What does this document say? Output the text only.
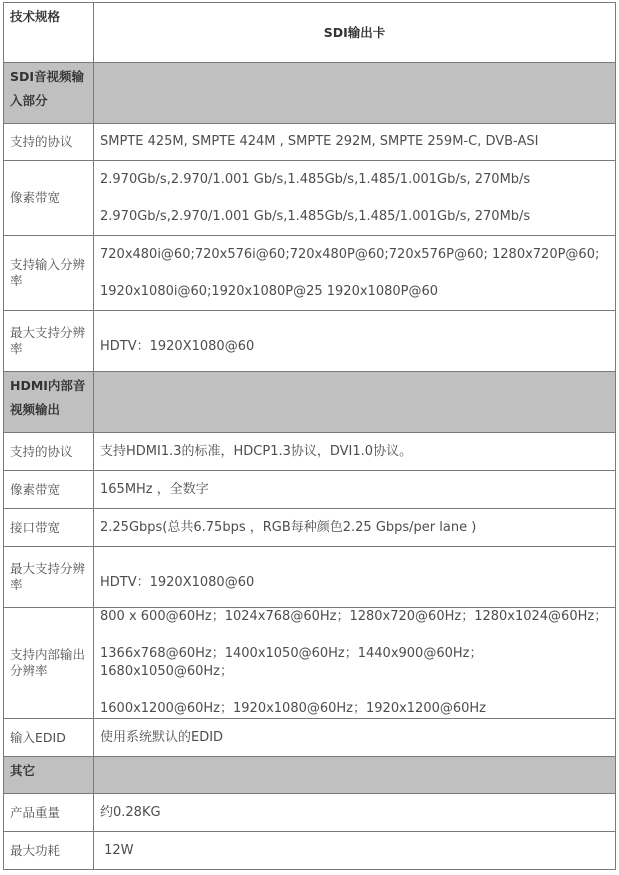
技术规格	SDI输出卡
SDI音视频输入部分	
支持的协议	SMPTE 425M, SMPTE 424M , SMPTE 292M, SMPTE 259M-C, DVB-ASI

像素带宽	2.970Gb/s,2.970/1.001 Gb/s,1.485Gb/s,1.485/1.001Gb/s, 270Mb/s
2.970Gb/s,2.970/1.001 Gb/s,1.485Gb/s,1.485/1.001Gb/s, 270Mb/s

支持输入分辨率	720x480i@60;720x576i@60;720x480P@60;720x576P@60; 1280x720P@60;
1920x1080i@60;1920x1080P@25 1920x1080P@60

最大支持分辨率	HDTV：1920X1080@60

HDMI内部音视频输出	
支持的协议	支持HDMI1.3的标准，HDCP1.3协议，DVI1.0协议。

像素带宽	165MHz ，全数字

接口带宽	2.25Gbps(总共6.75bps ，RGB每种颜色2.25 Gbps/per lane )

最大支持分辨率	HDTV：1920X1080@60

支持内部输出分辨率	800 x 600@60Hz；1024x768@60Hz；1280x720@60Hz；1280x1024@60Hz；
1366x768@60Hz；1400x1050@60Hz；1440x900@60Hz；1680x1050@60Hz；
1600x1200@60Hz；1920x1080@60Hz；1920x1200@60Hz

输入EDID	使用系统默认的EDID

其它	
产品重量	约0.28KG

最大功耗	12W
